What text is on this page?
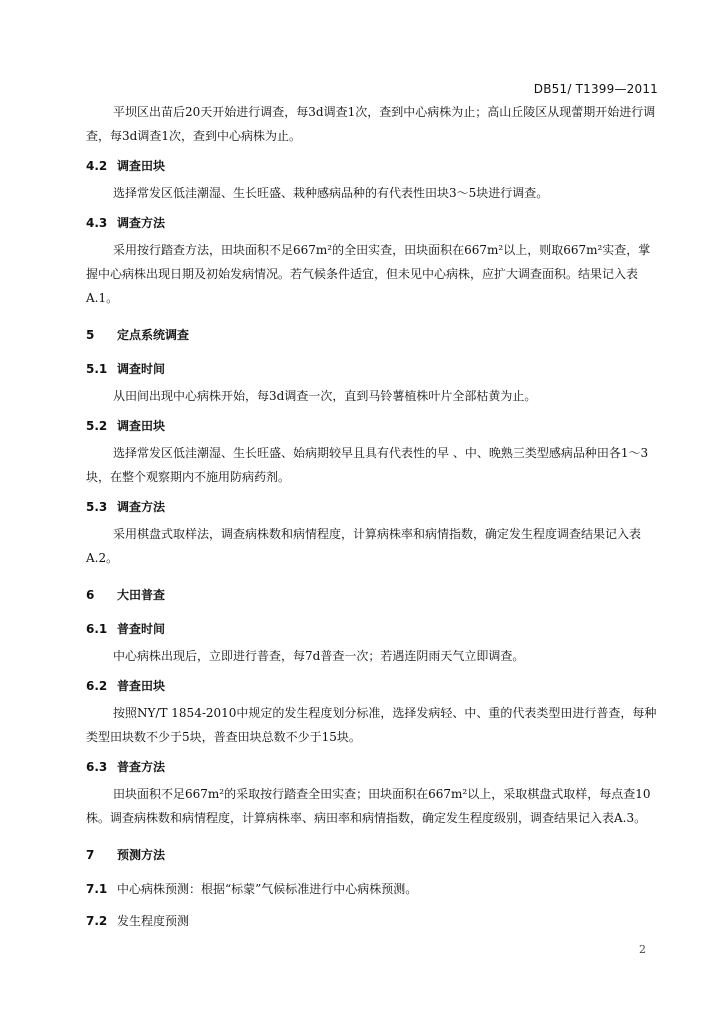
DB51/ T1399—2011

平坝区出苗后20天开始进行调查，每3d调查1次，查到中心病株为止；高山丘陵区从现蕾期开始进行调查，每3d调查1次，查到中心病株为止。

4.2 调查田块

选择常发区低洼潮湿、生长旺盛、栽种感病品种的有代表性田块3～5块进行调查。

4.3 调查方法

采用按行踏查方法，田块面积不足667m²的全田实查，田块面积在667m²以上，则取667m²实查，掌握中心病株出现日期及初始发病情况。若气候条件适宜，但未见中心病株，应扩大调查面积。结果记入表A.1。

5 定点系统调查
5.1 调查时间

从田间出现中心病株开始，每3d调查一次，直到马铃薯植株叶片全部枯黄为止。

5.2 调查田块

选择常发区低洼潮湿、生长旺盛、始病期较早且具有代表性的早 、中、晚熟三类型感病品种田各1～3块，在整个观察期内不施用防病药剂。

5.3 调查方法

采用棋盘式取样法，调查病株数和病情程度，计算病株率和病情指数，确定发生程度调查结果记入表A.2。

6 大田普查
6.1 普查时间

中心病株出现后，立即进行普查，每7d普查一次；若遇连阴雨天气立即调查。

6.2 普查田块

按照NY/T 1854-2010中规定的发生程度划分标准，选择发病轻、中、重的代表类型田进行普查，每种类型田块数不少于5块，普查田块总数不少于15块。

6.3 普查方法

田块面积不足667m²的采取按行踏查全田实查；田块面积在667m²以上，采取棋盘式取样，每点查10株。调查病株数和病情程度，计算病株率、病田率和病情指数，确定发生程度级别，调查结果记入表A.3。

7 预测方法
7.1 中心病株预测：根据“标蒙”气候标准进行中心病株预测。
7.2 发生程度预测
2
